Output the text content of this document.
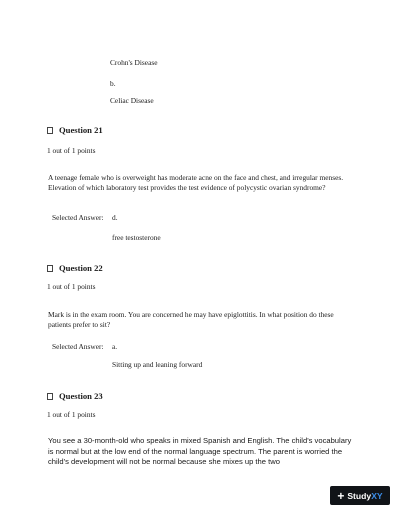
Crohn's Disease
b.
Celiac Disease
Question 21
1 out of 1 points
A teenage female who is overweight has moderate acne on the face and chest, and irregular menses. Elevation of which laboratory test provides the test evidence of polycystic ovarian syndrome?
Selected Answer: d.
free testosterone
Question 22
1 out of 1 points
Mark is in the exam room. You are concerned he may have epiglottitis. In what position do these patients prefer to sit?
Selected Answer: a.
Sitting up and leaning forward
Question 23
1 out of 1 points
You see a 30-month-old who speaks in mixed Spanish and English. The child's vocabulary is normal but at the low end of the normal language spectrum. The parent is worried the child's development will not be normal because she mixes up the two
+ Study XY
